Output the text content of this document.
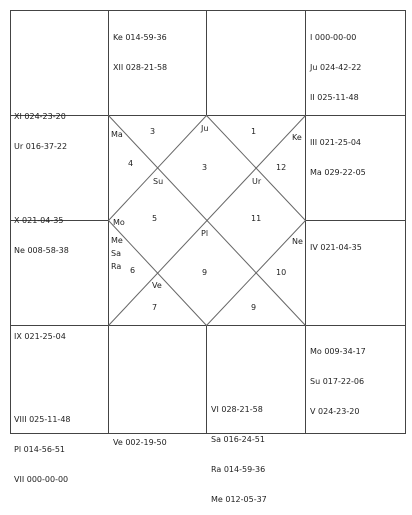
Ke 014-59-36

XII 028-21-58

I 000-00-00

Ju 024-42-22

II 025-11-48

XI 024-23-20

Ur 016-37-22

	III 021-25-04

Ma 029-22-05

X 021-04-35

Ne 008-58-38

	IV 021-04-35

IX 021-25-04

Mo 009-34-17

Su 017-22-06

V 024-23-20

VIII 025-11-48

Pl 014-56-51

VII 000-00-00

Ve 002-19-50

VI 028-21-58

Sa 016-24-51

Ra 014-59-36

Me 012-05-37

3	1
4	3	12
5	11
6	9	10
7	9
Ma
Ju
Ke
Su	Ur
Mo
Me
Sa
Ra
Pl
Ne
Ve
